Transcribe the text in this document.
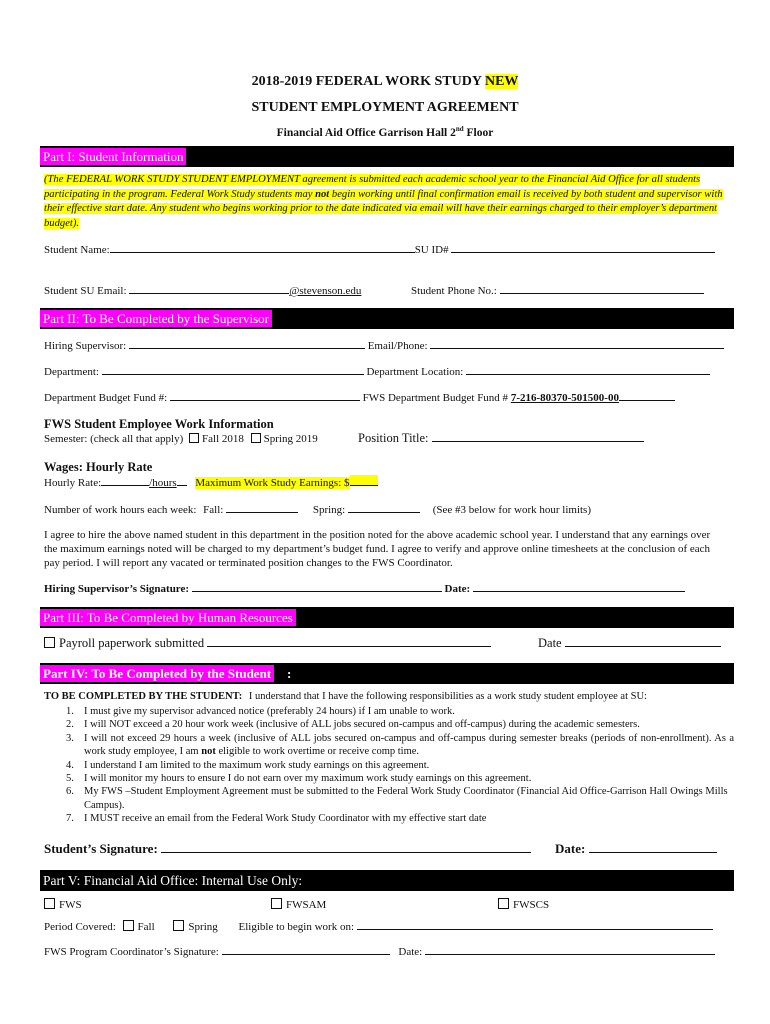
2018-2019 FEDERAL WORK STUDY NEW
STUDENT EMPLOYMENT AGREEMENT
Financial Aid Office Garrison Hall 2nd Floor
Part I: Student Information
(The FEDERAL WORK STUDY STUDENT EMPLOYMENT agreement is submitted each academic school year to the Financial Aid Office for all students participating in the program. Federal Work Study students may not begin working until final confirmation email is received by both student and supervisor with their effective start date. Any student who begins working prior to the date indicated via email will have their earnings charged to their employer’s department budget).
Student Name:	SU ID#
Student SU Email:	@stevenson.edu	Student Phone No.:
Part II: To Be Completed by the Supervisor
Hiring Supervisor:	Email/Phone:
Department:	Department Location:
Department Budget Fund #:	FWS Department Budget Fund # 7-216-80370-501500-00
FWS Student Employee Work Information
Semester: (check all that apply) Fall 2018 Spring 2019	Position Title:
Wages: Hourly Rate
Hourly Rate:	/hours Maximum Work Study Earnings: $
Number of work hours each week: Fall:	Spring:	(See #3 below for work hour limits)
I agree to hire the above named student in this department in the position noted for the above academic school year. I understand that any earnings over the maximum earnings noted will be charged to my department’s budget fund. I agree to verify and approve online timesheets at the conclusion of each pay period. I will report any vacated or terminated position changes to the FWS Coordinator.
Hiring Supervisor’s Signature:	Date:
Part III: To Be Completed by Human Resources
Payroll paperwork submitted	Date
Part IV: To Be Completed by the Student :
TO BE COMPLETED BY THE STUDENT: I understand that I have the following responsibilities as a work study student employee at SU:
1. I must give my supervisor advanced notice (preferably 24 hours) if I am unable to work.
2. I will NOT exceed a 20 hour work week (inclusive of ALL jobs secured on-campus and off-campus) during the academic semesters.
3. I will not exceed 29 hours a week (inclusive of ALL jobs secured on-campus and off-campus during semester breaks (periods of non-enrollment). As a work study employee, I am not eligible to work overtime or receive comp time.
4. I understand I am limited to the maximum work study earnings on this agreement.
5. I will monitor my hours to ensure I do not earn over my maximum work study earnings on this agreement.
6. My FWS –Student Employment Agreement must be submitted to the Federal Work Study Coordinator (Financial Aid Office-Garrison Hall Owings Mills Campus).
7. I MUST receive an email from the Federal Work Study Coordinator with my effective start date
Student’s Signature:	Date:
Part V: Financial Aid Office: Internal Use Only:
FWS	FWSAM	FWSCS
Period Covered: Fall	Spring Eligible to begin work on:
FWS Program Coordinator’s Signature:	Date:
